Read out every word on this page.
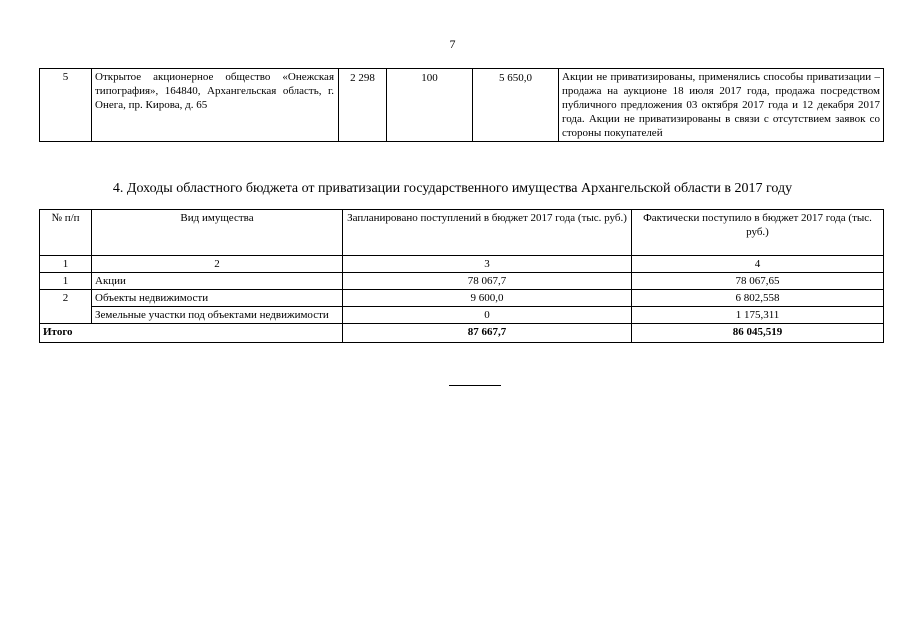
7
5	Открытое акционерное общество «Онежская типография», 164840, Архангельская область, г. Онега, пр. Кирова, д. 65	2 298	100	5 650,0	Акции не приватизированы, применялись способы приватизации – продажа на аукционе 18 июля 2017 года, продажа посредством публичного предложения 03 октября 2017 года и 12 декабря 2017 года. Акции не приватизированы в связи с отсутствием заявок со стороны покупателей
4. Доходы областного бюджета от приватизации государственного имущества Архангельской области в 2017 году
№ п/п	Вид имущества	Запланировано поступлений в бюджет 2017 года (тыс. руб.)	Фактически поступило в бюджет 2017 года (тыс. руб.)
1	2	3	4
1	Акции	78 067,7	78 067,65
2	Объекты недвижимости	9 600,0	6 802,558
	Земельные участки под объектами недвижимости	0	1 175,311
Итого		87 667,7	86 045,519
